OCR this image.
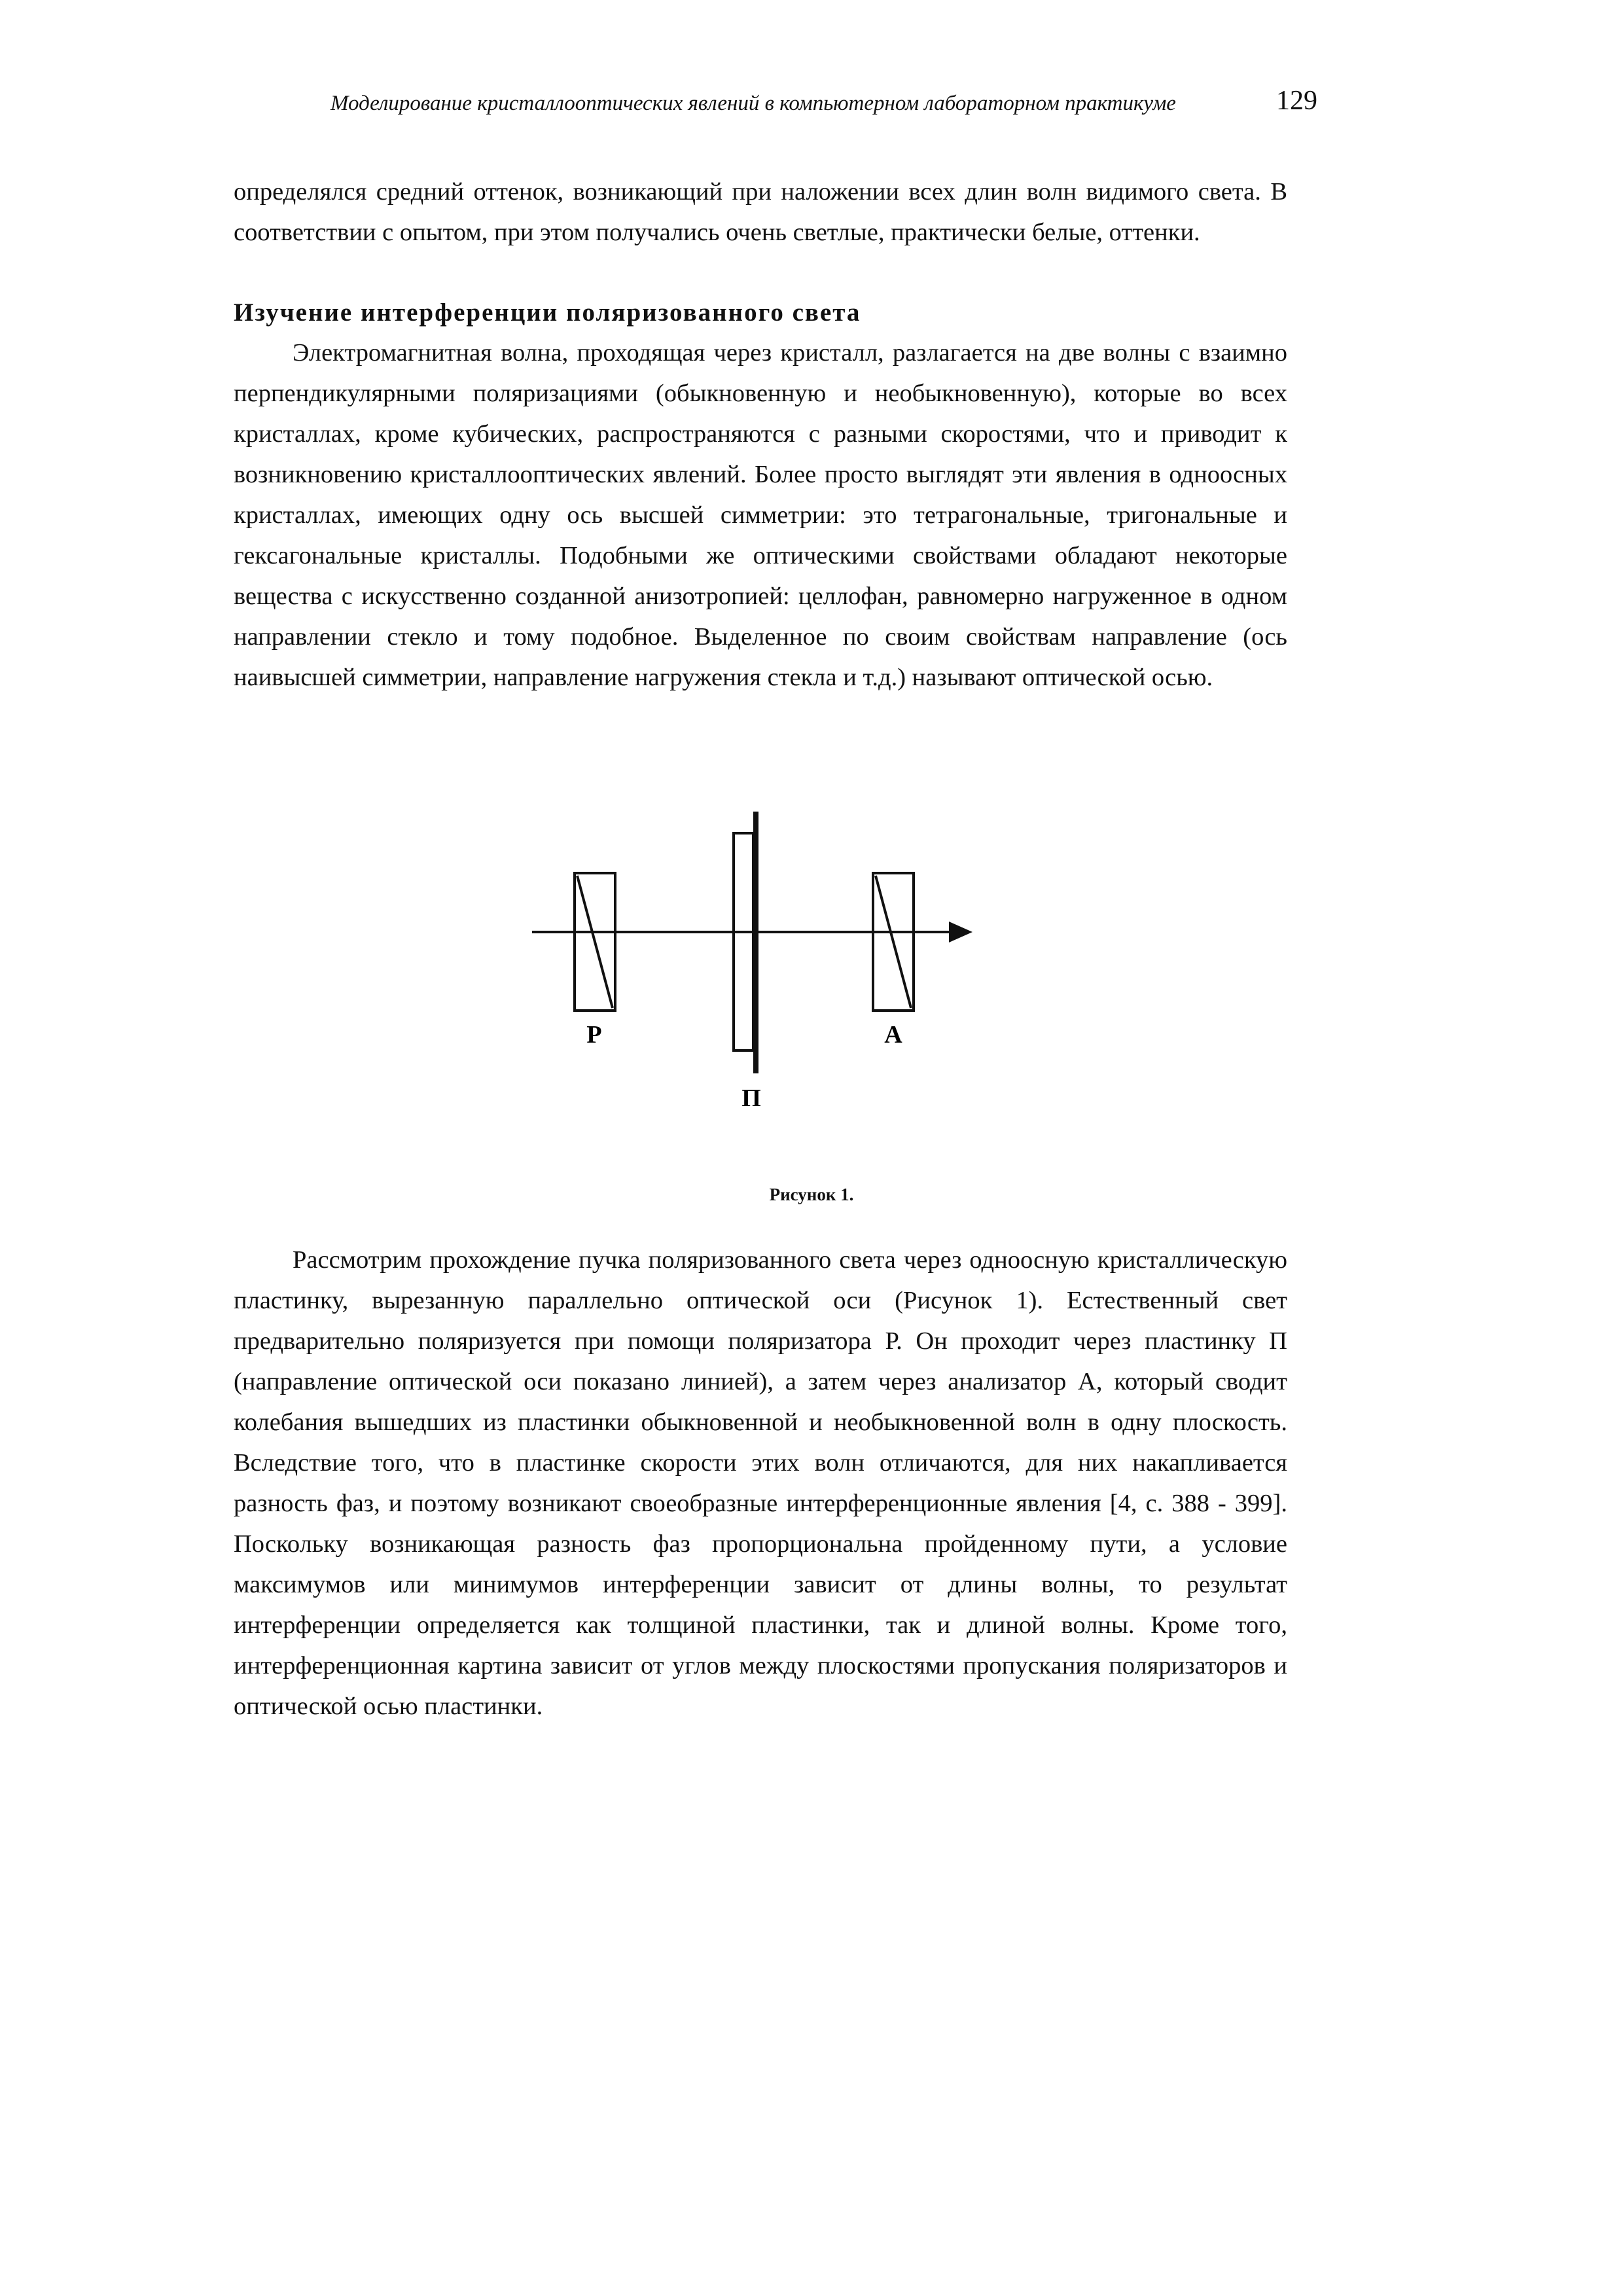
Моделирование кристаллооптических явлений в компьютерном лабораторном практикуме	129

определялся средний оттенок, возникающий при наложении всех длин волн видимого света. В соответствии с опытом, при этом получались очень светлые, практически белые, оттенки.

Изучение интерференции поляризованного света

Электромагнитная волна, проходящая через кристалл, разлагается на две волны с взаимно перпендикулярными поляризациями (обыкновенную и необыкновенную), которые во всех кристаллах, кроме кубических, распространяются с разными скоростями, что и приводит к возникновению кристаллооптических явлений. Более просто выглядят эти явления в одноосных кристаллах, имеющих одну ось высшей симметрии: это тетрагональные, тригональные и гексагональные кристаллы. Подобными же оптическими свойствами обладают некоторые вещества с искусственно созданной анизотропией: целлофан, равномерно нагруженное в одном направлении стекло и тому подобное. Выделенное по своим свойствам направление (ось наивысшей симметрии, направление нагружения стекла и т.д.) называют оптической осью.

P	A
П
Рисунок 1.

Рассмотрим прохождение пучка поляризованного света через одноосную кристаллическую пластинку, вырезанную параллельно оптической оси (Рисунок 1). Естественный свет предварительно поляризуется при помощи поляризатора Р. Он проходит через пластинку П (направление оптической оси показано линией), а затем через анализатор А, который сводит колебания вышедших из пластинки обыкновенной и необыкновенной волн в одну плоскость. Вследствие того, что в пластинке скорости этих волн отличаются, для них накапливается разность фаз, и поэтому возникают своеобразные интерференционные явления [4, с. 388 - 399]. Поскольку возникающая разность фаз пропорциональна пройденному пути, а условие максимумов или минимумов интерференции зависит от длины волны, то результат интерференции определяется как толщиной пластинки, так и длиной волны. Кроме того, интерференционная картина зависит от углов между плоскостями пропускания поляризаторов и оптической осью пластинки.
